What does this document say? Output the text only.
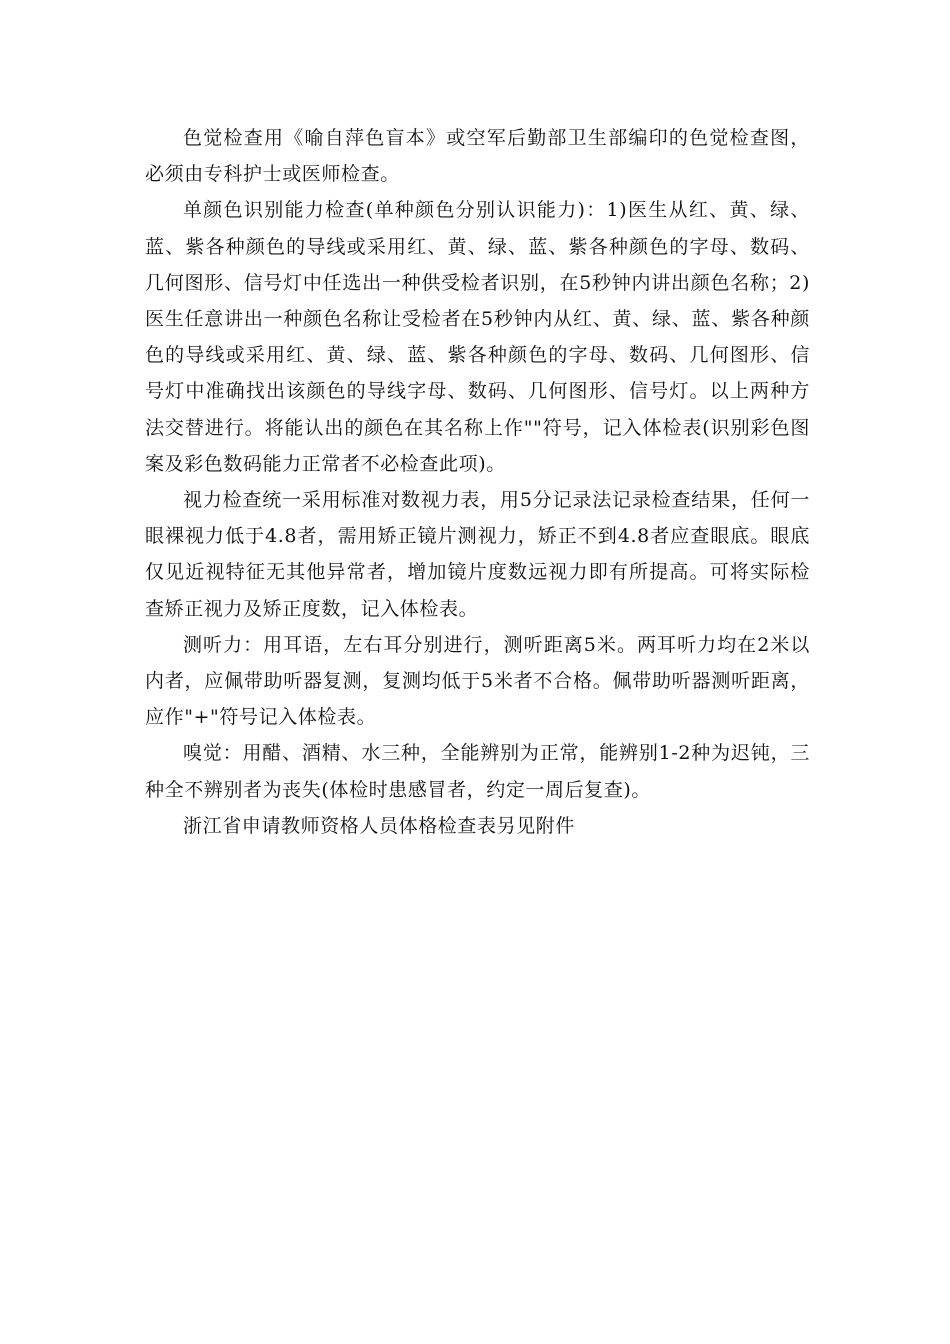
色觉检查用《喻自萍色盲本》或空军后勤部卫生部编印的色觉检查图，必须由专科护士或医师检查。

单颜色识别能力检查(单种颜色分别认识能力)：1)医生从红、黄、绿、蓝、紫各种颜色的导线或采用红、黄、绿、蓝、紫各种颜色的字母、数码、几何图形、信号灯中任选出一种供受检者识别，在5秒钟内讲出颜色名称；2)医生任意讲出一种颜色名称让受检者在5秒钟内从红、黄、绿、蓝、紫各种颜色的导线或采用红、黄、绿、蓝、紫各种颜色的字母、数码、几何图形、信号灯中准确找出该颜色的导线字母、数码、几何图形、信号灯。以上两种方法交替进行。将能认出的颜色在其名称上作""符号，记入体检表(识别彩色图案及彩色数码能力正常者不必检查此项)。

视力检查统一采用标准对数视力表，用5分记录法记录检查结果，任何一眼裸视力低于4.8者，需用矫正镜片测视力，矫正不到4.8者应查眼底。眼底仅见近视特征无其他异常者，增加镜片度数远视力即有所提高。可将实际检查矫正视力及矫正度数，记入体检表。

测听力：用耳语，左右耳分别进行，测听距离5米。两耳听力均在2米以内者，应佩带助听器复测，复测均低于5米者不合格。佩带助听器测听距离，应作"+"符号记入体检表。

嗅觉：用醋、酒精、水三种，全能辨别为正常，能辨别1-2种为迟钝，三种全不辨别者为丧失(体检时患感冒者，约定一周后复查)。

浙江省申请教师资格人员体格检查表另见附件
